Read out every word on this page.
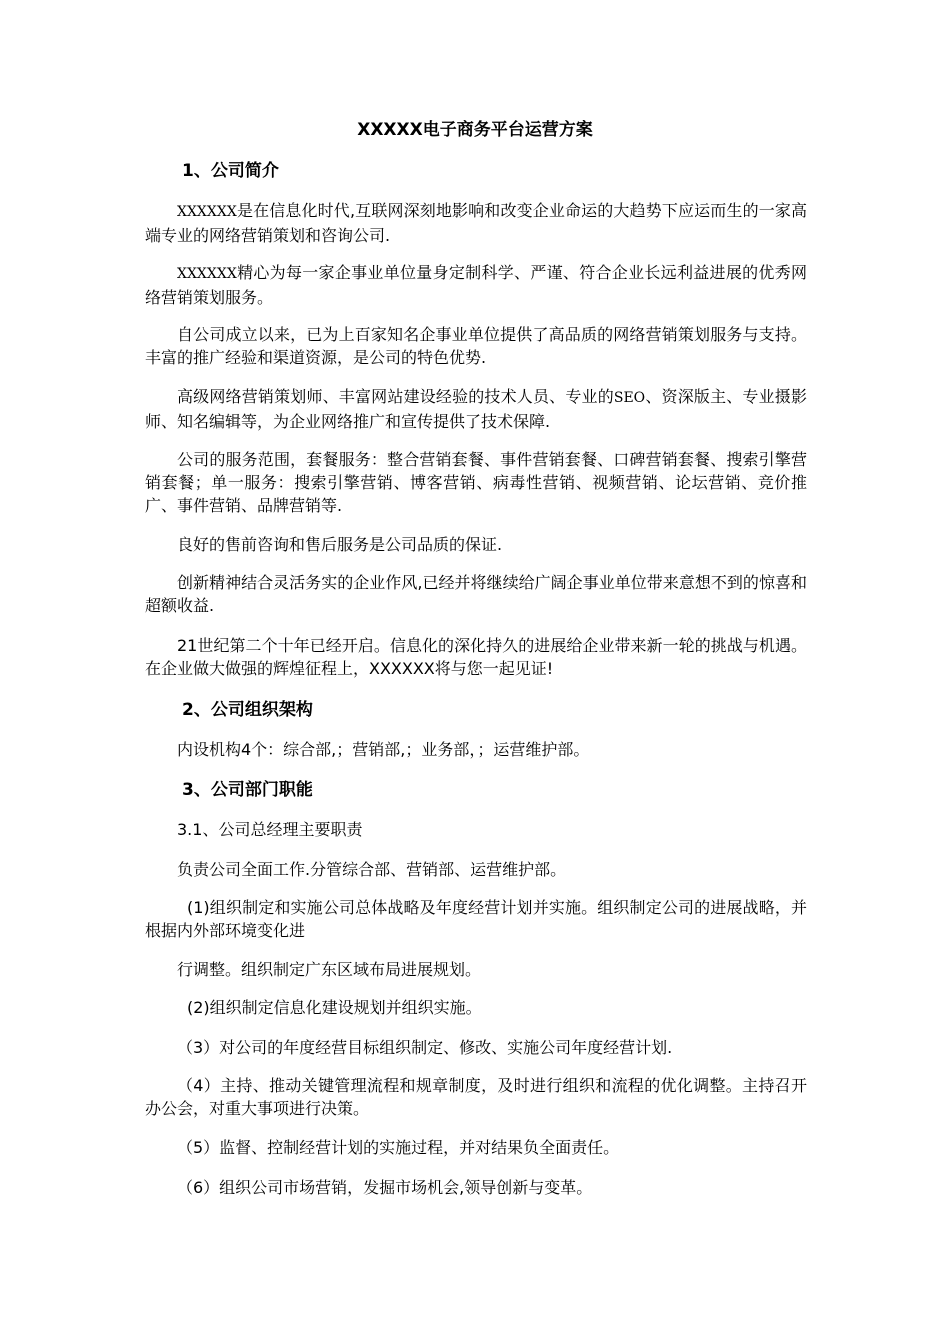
XXXXX电子商务平台运营方案
1、公司简介

XXXXXX是在信息化时代,互联网深刻地影响和改变企业命运的大趋势下应运而生的一家高端专业的网络营销策划和咨询公司.

XXXXXX精心为每一家企事业单位量身定制科学、严谨、符合企业长远利益进展的优秀网络营销策划服务。

自公司成立以来，已为上百家知名企事业单位提供了高品质的网络营销策划服务与支持。丰富的推广经验和渠道资源，是公司的特色优势.

高级网络营销策划师、丰富网站建设经验的技术人员、专业的SEO、资深版主、专业摄影师、知名编辑等，为企业网络推广和宣传提供了技术保障.

公司的服务范围，套餐服务：整合营销套餐、事件营销套餐、口碑营销套餐、搜索引擎营销套餐；单一服务：搜索引擎营销、博客营销、病毒性营销、视频营销、论坛营销、竞价推广、事件营销、品牌营销等.

良好的售前咨询和售后服务是公司品质的保证.

创新精神结合灵活务实的企业作风,已经并将继续给广阔企事业单位带来意想不到的惊喜和超额收益.

21世纪第二个十年已经开启。信息化的深化持久的进展给企业带来新一轮的挑战与机遇。在企业做大做强的辉煌征程上，XXXXXX将与您一起见证!

2、公司组织架构

内设机构4个：综合部,；营销部,；业务部，；运营维护部。

3、公司部门职能

3.1、公司总经理主要职责

负责公司全面工作.分管综合部、营销部、运营维护部。

(1)组织制定和实施公司总体战略及年度经营计划并实施。组织制定公司的进展战略，并根据内外部环境变化进

行调整。组织制定广东区域布局进展规划。

(2)组织制定信息化建设规划并组织实施。

（3）对公司的年度经营目标组织制定、修改、实施公司年度经营计划.

（4）主持、推动关键管理流程和规章制度，及时进行组织和流程的优化调整。主持召开办公会，对重大事项进行决策。

（5）监督、控制经营计划的实施过程，并对结果负全面责任。

（6）组织公司市场营销，发掘市场机会,领导创新与变革。
